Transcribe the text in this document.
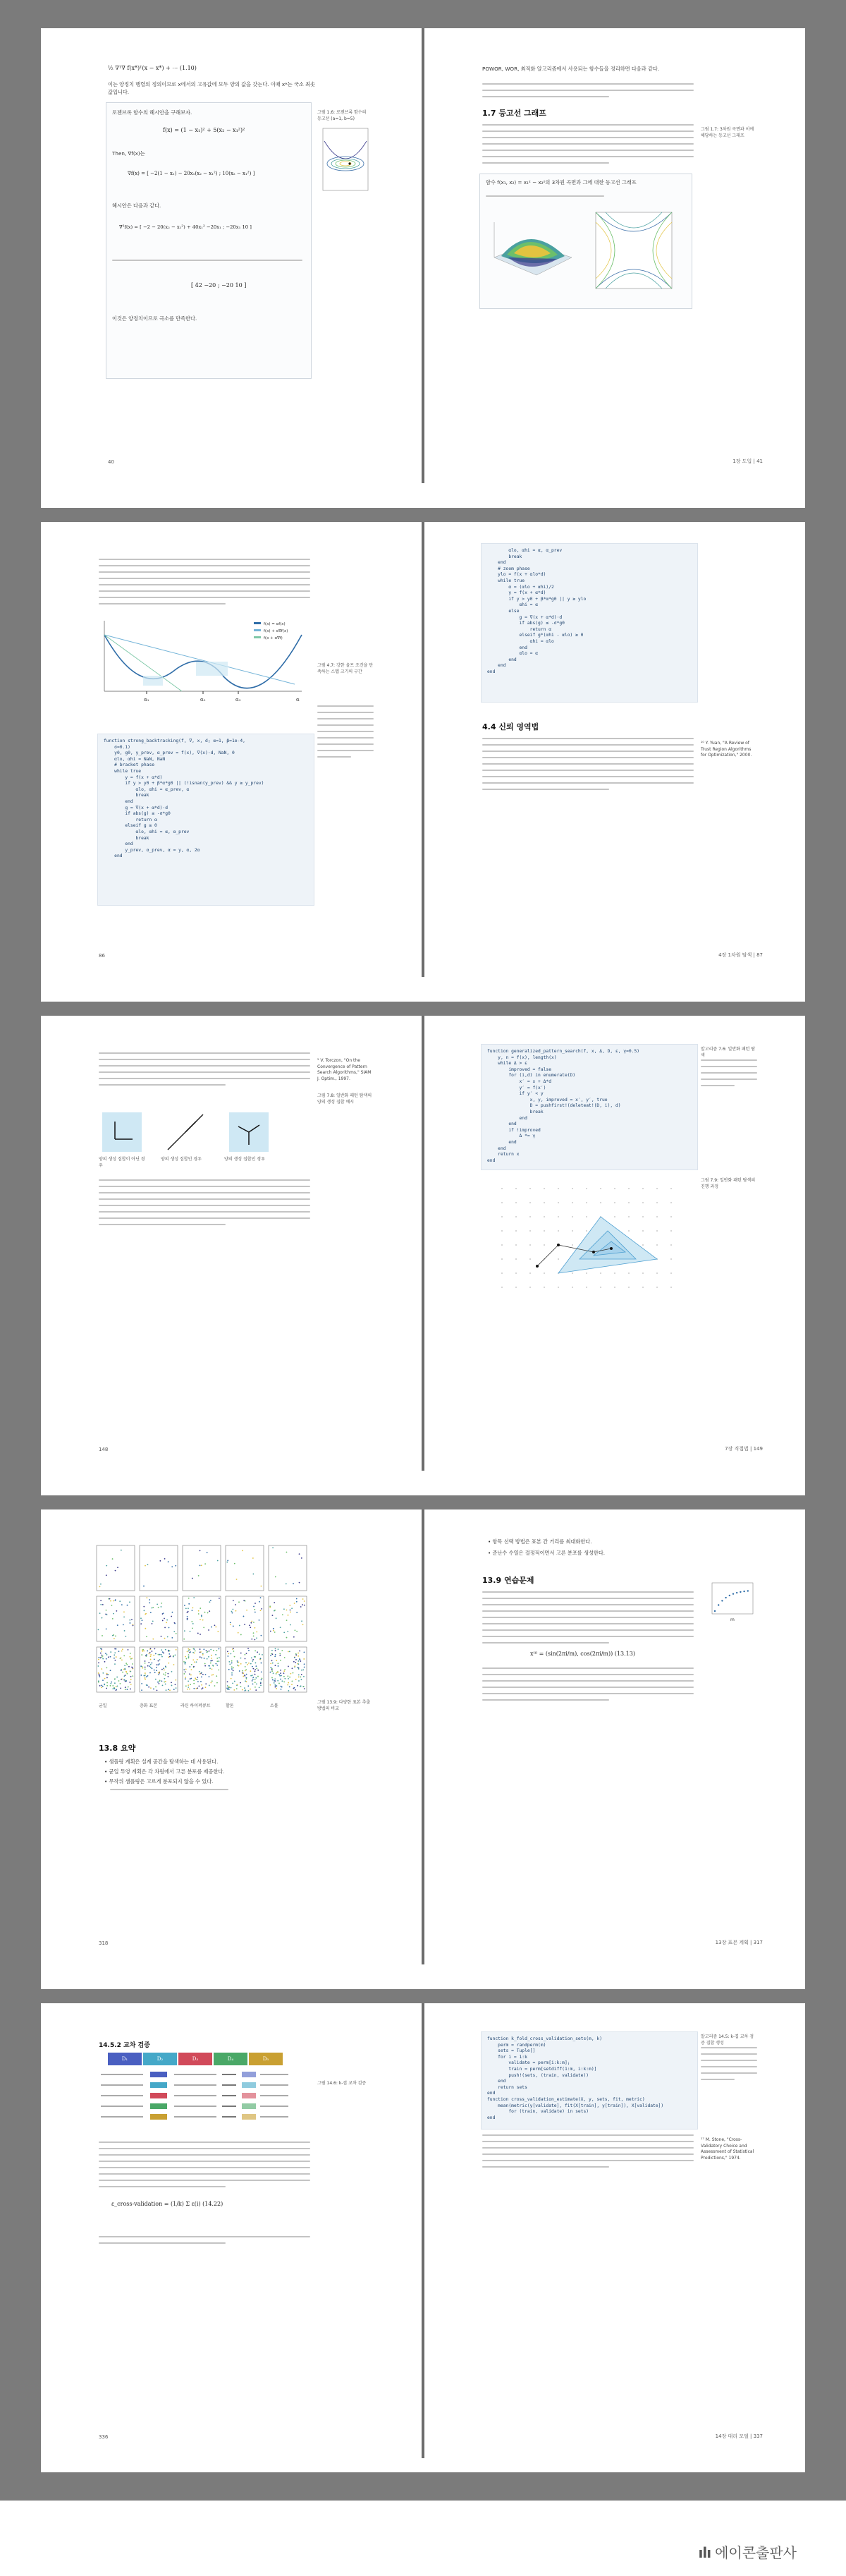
½ ∇ᵀ∇ f(x*)ᵀ(x − x*) + ⋯ (1.10)
이는 양정치 행렬의 정의이므로 x에서의 고유값에 모두 양의 값을 갖는다. 이때 x*는 국소 최솟값입니다.
로젠브록 함수의 헤시안을 구해보자.
f(x) = (1 − x₁)² + 5(x₂ − x₁²)²
Then, ∇f(x)는
∇f(x) = [ −2(1 − x₁) − 20x₁(x₂ − x₁²) ; 10(x₂ − x₁²) ]
헤시안은 다음과 같다.
∇²f(x) = [ −2 − 20(x₂ − x₁²) + 40x₁² −20x₁ ; −20x₁ 10 ]
[ 42 −20 ; −20 10 ]
이것은 양정치이므로 극소를 만족한다.
그림 1.6: 로젠브록 함수의 등고선 (a=1, b=5)
40
POWOR, WOR, 최적화 알고리즘에서 사용되는 함수들을 정리하면 다음과 같다.
1.7 등고선 그래프
그림 1.7: 3차원 곡면과 이에 해당하는 등고선 그래프
함수 f(x₁, x₂) = x₁² − x₂²의 3차원 곡면과 그에 대한 등고선 그래프
1장 도입 | 41
α₁	α₂	α₃	α
f(x) = αf(x)
f(x) + α∇f(x)
f(x + α∇f)
그림 4.7: 강한 울프 조건을 만족하는 스텝 크기의 구간
function strong_backtracking(f, ∇, x, d; α=1, β=1e-4,
σ=0.1)
y0, g0, y_prev, α_prev = f(x), ∇(x)⋅d, NaN, 0
αlo, αhi = NaN, NaN
# bracket phase
while true
y = f(x + α*d)
if y > y0 + β*α*g0 || (!isnan(y_prev) && y ≥ y_prev)
αlo, αhi = α_prev, α
break
end
g = ∇(x + α*d)⋅d
if abs(g) ≤ -σ*g0
return α
elseif g ≥ 0
αlo, αhi = α, α_prev
break
end
y_prev, α_prev, α = y, α, 2α
end
86
αlo, αhi = α, α_prev
break
end
# zoom phase
ylo = f(x + αlo*d)
while true
α = (αlo + αhi)/2
y = f(x + α*d)
if y > y0 + β*α*g0 || y ≥ ylo
αhi = α
else
g = ∇(x + α*d)⋅d
if abs(g) ≤ -σ*g0
return α
elseif g*(αhi - αlo) ≥ 0
αhi = αlo
end
αlo = α
end
end
end
4.4 신뢰 영역법
¹⁰ Y. Yuan, "A Review of Trust Region Algorithms for Optimization," 2000.
4장 1차원 탐색 | 87
⁵ V. Torczon, "On the Convergence of Pattern Search Algorithms," SIAM J. Optim., 1997.
그림 7.8: 일반화 패턴 탐색의 양의 생성 집합 예시
양의 생성 집합이 아닌 경우
양의 생성 집합인 경우	양의 생성 집합인 경우
148
function generalized_pattern_search(f, x, Δ, D, ε, γ=0.5)
y, n = f(x), length(x)
while Δ > ε
improved = false
for (i,d) in enumerate(D)
x′ = x + Δ*d
y′ = f(x′)
if y′ < y
x, y, improved = x′, y′, true
D = pushfirst!(deleteat!(D, i), d)
break
end
end
if !improved
Δ *= γ
end
end
return x
end
알고리즘 7.6: 일반화 패턴 탐색
그림 7.9: 일반화 패턴 탐색의 진행 과정
7장 직접법 | 149
균일	층화 표본	라틴 하이퍼큐브	할톤	소볼
그림 13.9: 다양한 표본 추출 방법의 비교
13.8 요약
• 샘플링 계획은 설계 공간을 탐색하는 데 사용된다.
• 균일 투영 계획은 각 차원에서 고른 분포를 제공한다.
• 무작위 샘플링은 고르게 분포되지 않을 수 있다.
318
• 항목 선택 방법은 표본 간 거리를 최대화한다.
• 준난수 수열은 결정적이면서 고른 분포를 생성한다.
13.9 연습문제
x⁽ⁱ⁾ = (sin(2πi/m), cos(2πi/m)) (13.13)
m
13장 표본 계획 | 317
14.5.2 교차 검증
D₁	D₂	D₃	D₄	D₅
그림 14.6: k-겹 교차 검증
ε_cross-validation = (1/k) Σ ε(i) (14.22)
336
function k_fold_cross_validation_sets(m, k)
perm = randperm(m)
sets = Tuple[]
for i = 1:k
validate = perm[i:k:m];
train = perm[setdiff(1:m, i:k:m)]
push!(sets, (train, validate))
end
return sets
end
function cross_validation_estimate(X, y, sets, fit, metric)
mean(metric(y[validate], fit(X[train], y[train]), X[validate])
for (train, validate) in sets)
end
알고리즘 14.5: k-겹 교차 검증 집합 생성
¹⁷ M. Stone, "Cross-Validatory Choice and Assessment of Statistical Predictions," 1974.
14장 대리 모델 | 337
ılı 에이콘출판사
